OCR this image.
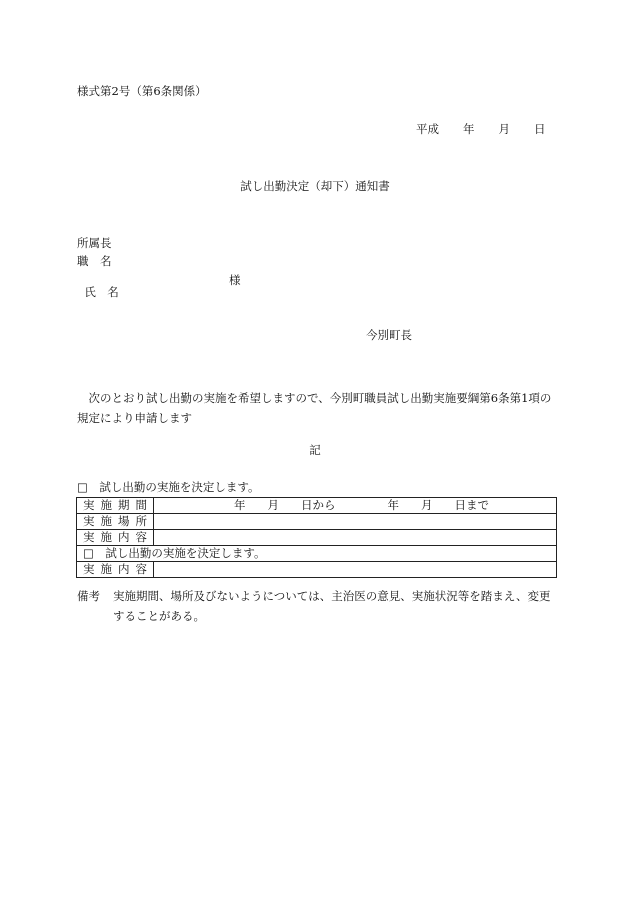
様式第2号（第6条関係）
平成 年 月 日
試し出勤決定（却下）通知書
所属長
職　名

氏　名

様
今別町長
次のとおり試し出勤の実施を希望しますので、今別町職員試し出勤実施要綱第6条第1項の規定により申請します
記
□　試し出勤の実施を決定します。
実 施 期 間	年 月 日から 年 月 日まで
実 施 場 所	
実 施 内 容	
□　試し出勤の実施を決定します。	
実 施 内 容	
備考	実施期間、場所及びないようについては、主治医の意見、実施状況等を踏まえ、変更することがある。
